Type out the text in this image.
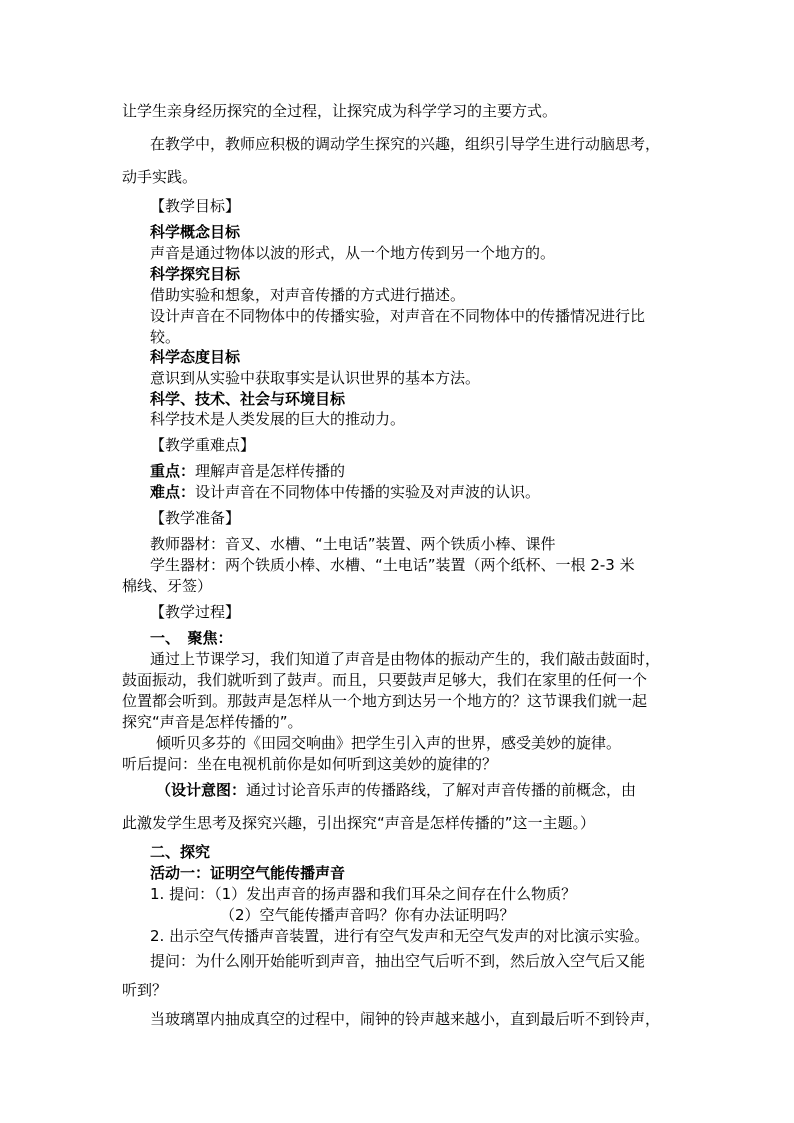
让学生亲身经历探究的全过程，让探究成为科学学习的主要方式。
在教学中，教师应积极的调动学生探究的兴趣，组织引导学生进行动脑思考，
动手实践。
【教学目标】
科学概念目标
声音是通过物体以波的形式，从一个地方传到另一个地方的。
科学探究目标
借助实验和想象，对声音传播的方式进行描述。
设计声音在不同物体中的传播实验，对声音在不同物体中的传播情况进行比
较。
科学态度目标
意识到从实验中获取事实是认识世界的基本方法。
科学、技术、社会与环境目标
科学技术是人类发展的巨大的推动力。
【教学重难点】
重点：理解声音是怎样传播的
难点：设计声音在不同物体中传播的实验及对声波的认识。
【教学准备】
教师器材：音叉、水槽、“土电话”装置、两个铁质小棒、课件
学生器材：两个铁质小棒、水槽、“土电话”装置（两个纸杯、一根 2-3 米
棉线、牙签）
【教学过程】
一、　聚焦：
通过上节课学习，我们知道了声音是由物体的振动产生的，我们敲击鼓面时，
鼓面振动，我们就听到了鼓声。而且，只要鼓声足够大，我们在家里的任何一个
位置都会听到。那鼓声是怎样从一个地方到达另一个地方的？这节课我们就一起
探究“声音是怎样传播的”。
倾听贝多芬的《田园交响曲》把学生引入声的世界，感受美妙的旋律。
听后提问：坐在电视机前你是如何听到这美妙的旋律的？
（设计意图：通过讨论音乐声的传播路线，了解对声音传播的前概念，由
此激发学生思考及探究兴趣，引出探究“声音是怎样传播的”这一主题。）
二、探究
活动一：证明空气能传播声音
1. 提问：（1）发出声音的扬声器和我们耳朵之间存在什么物质？
（2）空气能传播声音吗？你有办法证明吗？
2. 出示空气传播声音装置，进行有空气发声和无空气发声的对比演示实验。
提问：为什么刚开始能听到声音，抽出空气后听不到，然后放入空气后又能
听到？
当玻璃罩内抽成真空的过程中，闹钟的铃声越来越小，直到最后听不到铃声，
